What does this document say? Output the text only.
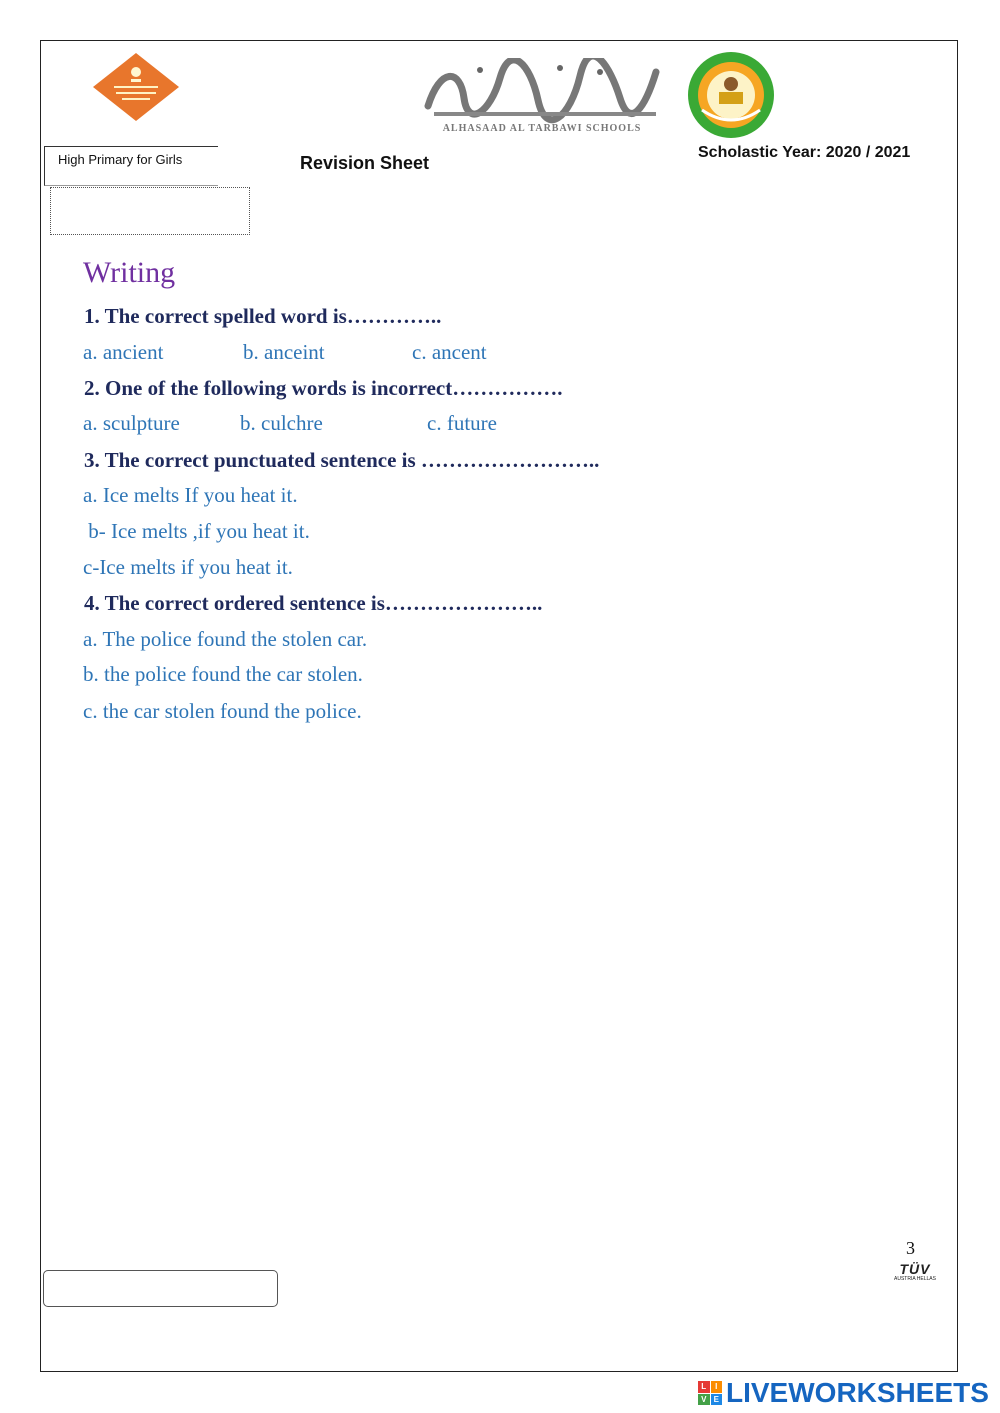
ALHASAAD AL TARBAWI SCHOOLS
High Primary for Girls	Revision Sheet
Scholastic Year: 2020 / 2021
Writing
1. The correct spelled word is…………..
a. ancient	b. anceint	c. ancent
2. One of the following words is incorrect…………….
a. sculpture	b. culchre	c. future
3. The correct punctuated sentence is ……………………..
a. Ice melts If you heat it.
b- Ice melts ,if you heat it.
c-Ice melts if you heat it.
4. The correct ordered sentence is…………………..
a. The police found the stolen car.
b. the police found the car stolen.
c. the car stolen found the police.
3
TÜV
AUSTRIA HELLAS
L	I
V E LIVEWORKSHEETS
